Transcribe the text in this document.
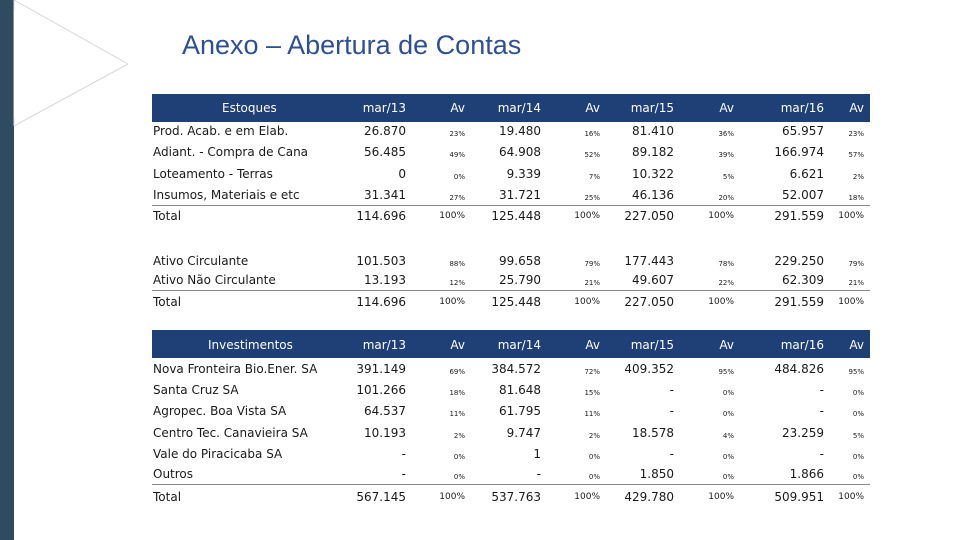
Anexo – Abertura de Contas
Estoques	mar/13	Av	mar/14	Av	mar/15	Av	mar/16 Av
Prod. Acab. e em Elab.	26.870	23%	19.480	16%	81.410	36%	65.957	23%
Adiant. - Compra de Cana	56.485	49%	64.908	52%	89.182	39%	166.974	57%
Loteamento - Terras	0	0%	9.339	7%	10.322	5%	6.621	2%
Insumos, Materiais e etc	31.341	27%	31.721	25%	46.136	20%	52.007	18%
Total	114.696	100% 125.448	100% 227.050	100%	291.559 100%
Ativo Circulante	101.503	88%	99.658	79% 177.443	78%	229.250	79%
Ativo Não Circulante	13.193	12%	25.790	21%	49.607	22%	62.309	21%
Total	114.696	100% 125.448	100% 227.050	100%	291.559 100%
Investimentos	mar/13	Av	mar/14	Av	mar/15	Av	mar/16 Av
Nova Fronteira Bio.Ener. SA	391.149	69% 384.572	72% 409.352	95%	484.826	95%
Santa Cruz SA	101.266	18%	81.648	15%	-	0%	-	0%
Agropec. Boa Vista SA	64.537	11%	61.795	11%	-	0%	-	0%
Centro Tec. Canavieira SA	10.193	2%	9.747	2%	18.578	4%	23.259	5%
Vale do Piracicaba SA	-	0%	1	0%	-	0%	-	0%
Outros	-	0%	-	0%	1.850	0%	1.866	0%
Total	567.145	100% 537.763	100% 429.780	100%	509.951 100%
